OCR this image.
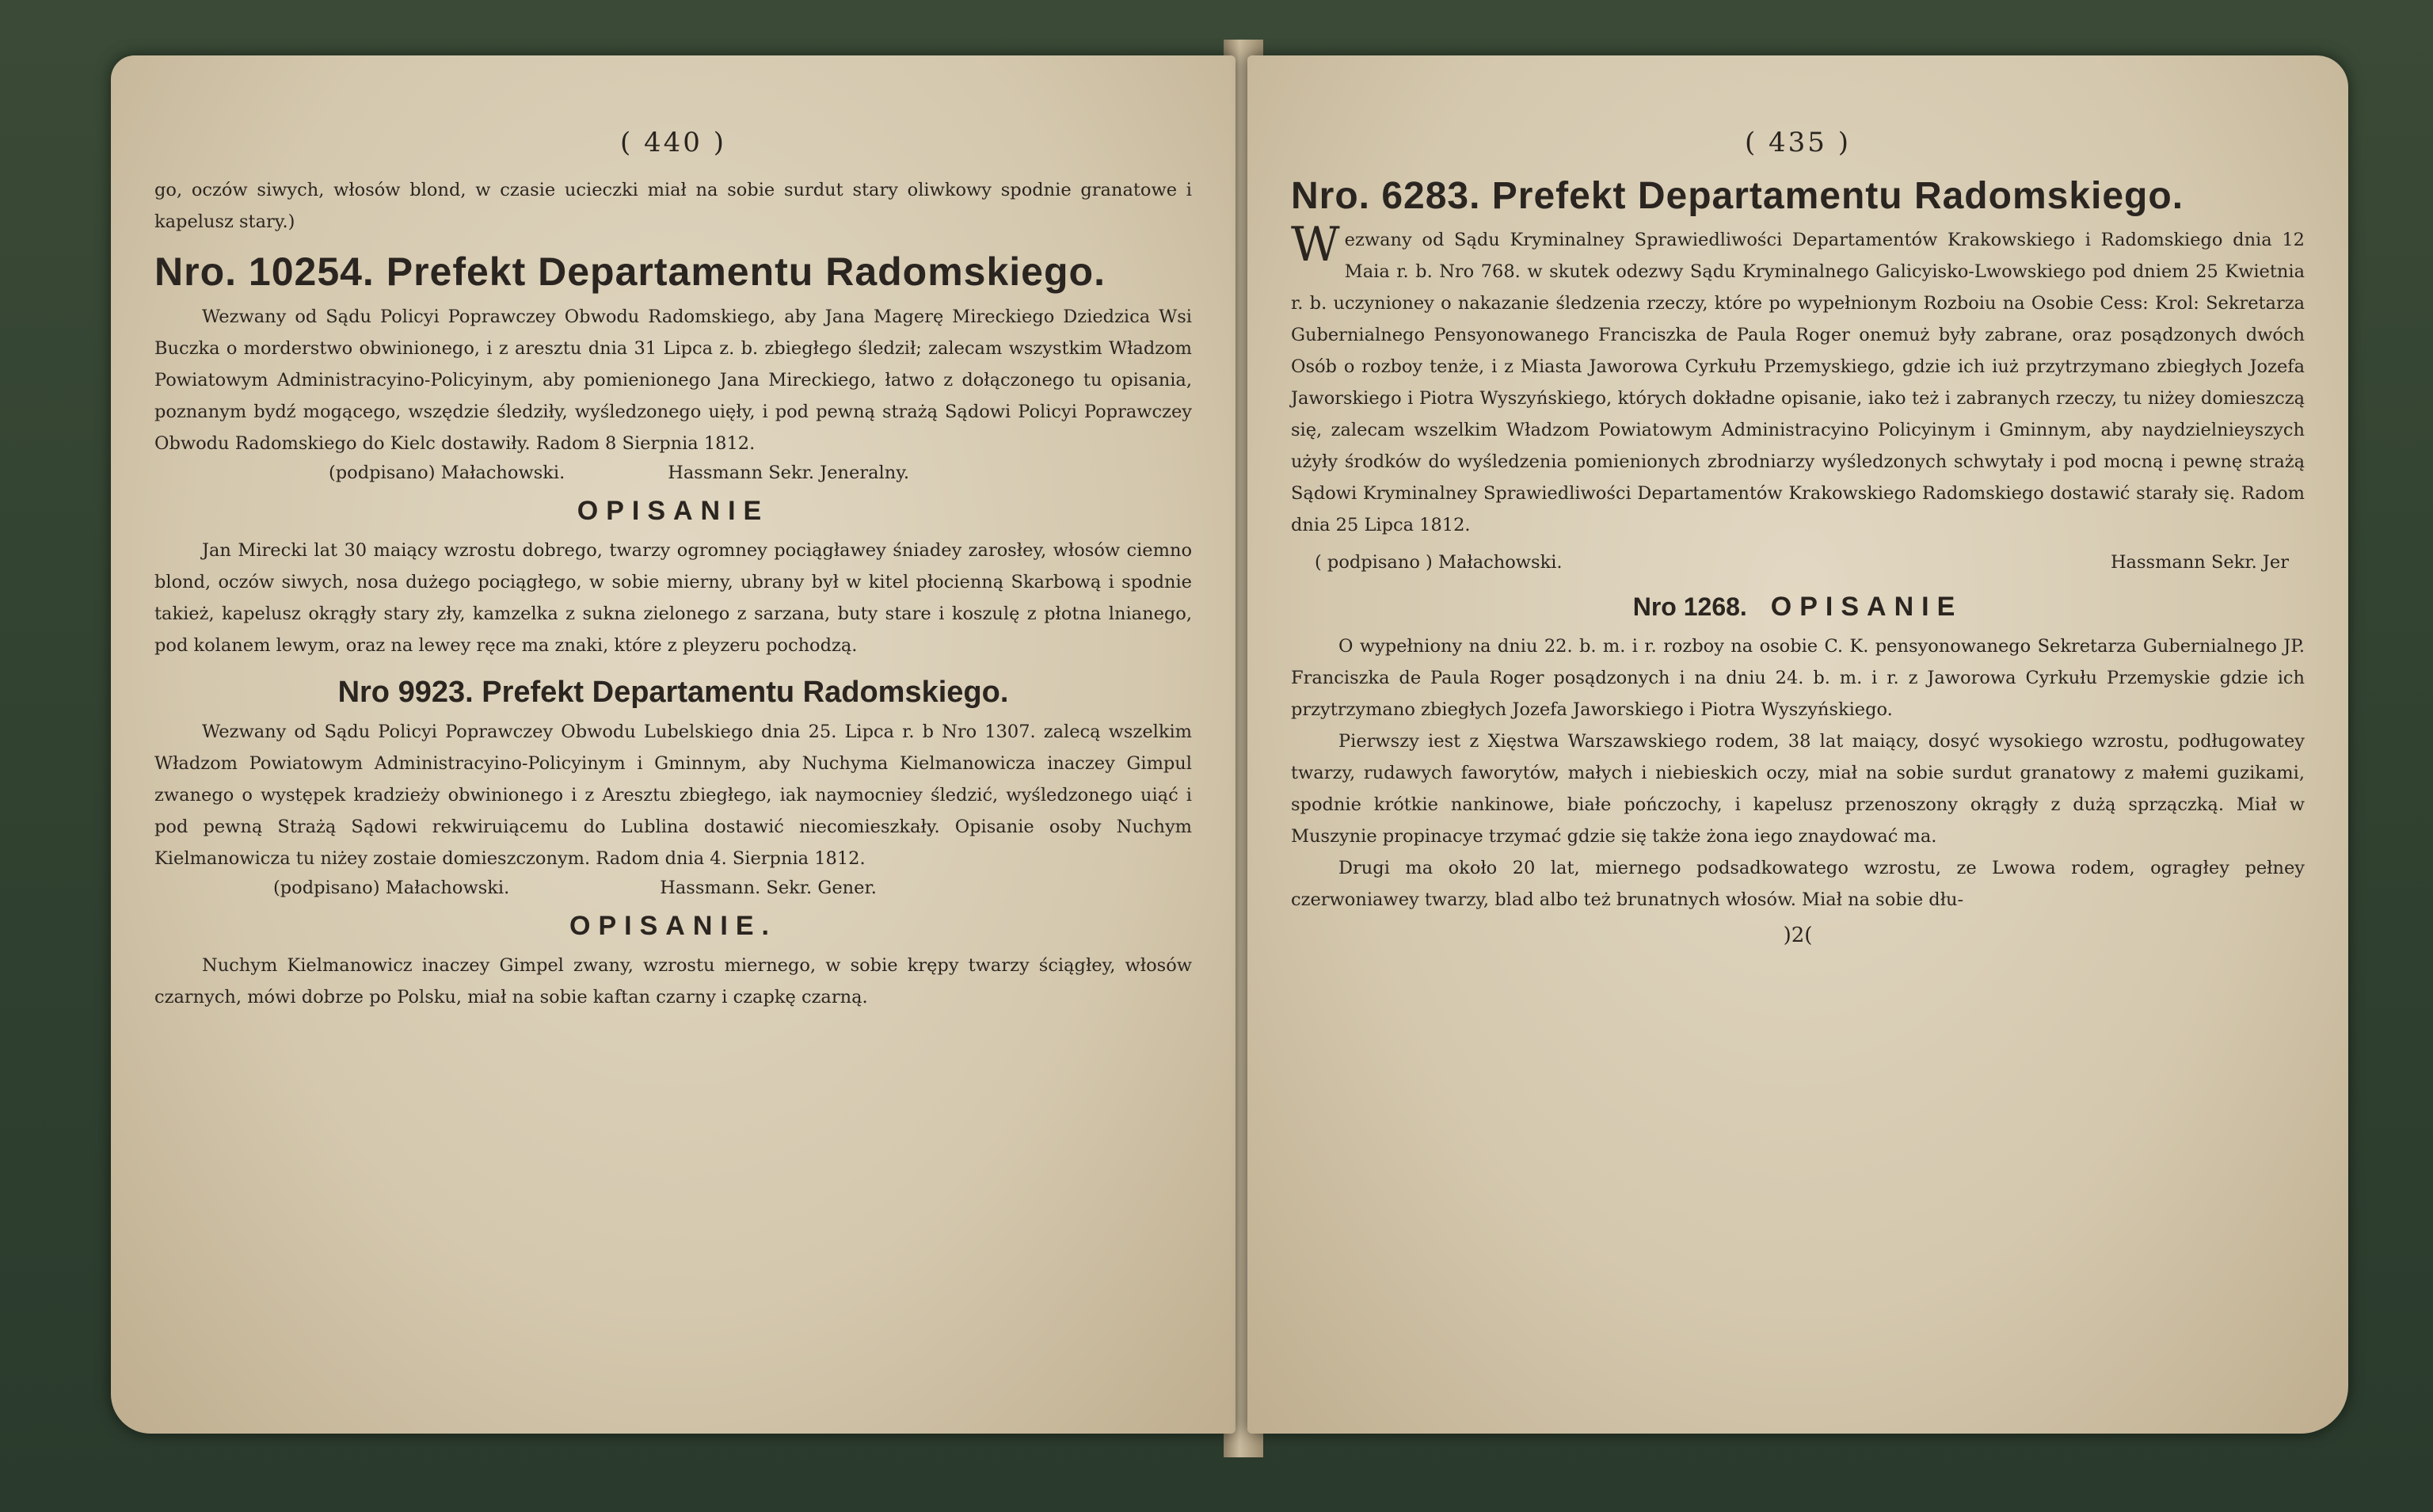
( 440 )

go, oczów siwych, włosów blond, w czasie ucieczki miał na sobie surdut stary oliwkowy spodnie granatowe i kapelusz stary.)

Nro. 10254. Prefekt Departamentu Radomskiego.

Wezwany od Sądu Policyi Poprawczey Obwodu Radomskiego, aby Jana Magerę Mireckiego Dziedzica Wsi Buczka o morderstwo obwinionego, i z aresztu dnia 31 Lipca z. b. zbiegłego śledził; zalecam wszystkim Władzom Powiatowym Administracyino-Policyinym, aby pomienionego Jana Mireckiego, łatwo z dołączonego tu opisania, poznanym bydź mogącego, wszędzie śledziły, wyśledzonego uięły, i pod pewną strażą Sądowi Policyi Poprawczey Obwodu Radomskiego do Kielc dostawiły. Radom 8 Sierpnia 1812.

(podpisano) Małachowski.	Hassmann Sekr. Jeneralny.
OPISANIE

Jan Mirecki lat 30 maiący wzrostu dobrego, twarzy ogromney pociągławey śniadey zarosłey, włosów ciemno blond, oczów siwych, nosa dużego pociągłego, w sobie mierny, ubrany był w kitel płocienną Skarbową i spodnie takież, kapelusz okrągły stary zły, kamzelka z sukna zielonego z sarzana, buty stare i koszulę z płotna lnianego, pod kolanem lewym, oraz na lewey ręce ma znaki, które z pleyzeru pochodzą.

Nro 9923. Prefekt Departamentu Radomskiego.

Wezwany od Sądu Policyi Poprawczey Obwodu Lubelskiego dnia 25. Lipca r. b Nro 1307. zalecą wszelkim Władzom Powiatowym Administracyino-Policyinym i Gminnym, aby Nuchyma Kielmanowicza inaczey Gimpul zwanego o występek kradzieży obwinionego i z Aresztu zbiegłego, iak naymocniey śledzić, wyśledzonego uiąć i pod pewną Strażą Sądowi rekwiruiącemu do Lublina dostawić niecomieszkały. Opisanie osoby Nuchym Kielmanowicza tu niżey zostaie domieszczonym. Radom dnia 4. Sierpnia 1812.

(podpisano) Małachowski.	Hassmann. Sekr. Gener.
OPISANIE.

Nuchym Kielmanowicz inaczey Gimpel zwany, wzrostu miernego, w sobie krępy twarzy ściągłey, włosów czarnych, mówi dobrze po Polsku, miał na sobie kaftan czarny i czapkę czarną.

( 435 )
Nro. 6283. Prefekt Departamentu Radomskiego.

Wezwany od Sądu Kryminalney Sprawiedliwości Departamentów Krakowskiego i Radomskiego dnia 12 Maia r. b. Nro 768. w skutek odezwy Sądu Kryminalnego Galicyisko-Lwowskiego pod dniem 25 Kwietnia r. b. uczynioney o nakazanie śledzenia rzeczy, które po wypełnionym Rozboiu na Osobie Cess: Krol: Sekretarza Gubernialnego Pensyonowanego Franciszka de Paula Roger onemuż były zabrane, oraz posądzonych dwóch Osób o rozboy tenże, i z Miasta Jaworowa Cyrkułu Przemyskiego, gdzie ich iuż przytrzymano zbiegłych Jozefa Jaworskiego i Piotra Wyszyńskiego, których dokładne opisanie, iako też i zabranych rzeczy, tu niżey domieszczą się, zalecam wszelkim Władzom Powiatowym Administracyino Policyinym i Gminnym, aby naydzielnieyszych użyły środków do wyśledzenia pomienionych zbrodniarzy wyśledzonych schwytały i pod mocną i pewnę strażą Sądowi Kryminalney Sprawiedliwości Departamentów Krakowskiego Radomskiego dostawić starały się. Radom dnia 25 Lipca 1812.

( podpisano ) Małachowski.	Hassmann Sekr. Jer
Nro 1268. OPISANIE

O wypełniony na dniu 22. b. m. i r. rozboy na osobie C. K. pensyonowanego Sekretarza Gubernialnego JP. Franciszka de Paula Roger posądzonych i na dniu 24. b. m. i r. z Jaworowa Cyrkułu Przemyskie gdzie ich przytrzymano zbiegłych Jozefa Jaworskiego i Piotra Wyszyńskiego.

Pierwszy iest z Xięstwa Warszawskiego rodem, 38 lat maiący, dosyć wysokiego wzrostu, podługowatey twarzy, rudawych faworytów, małych i niebieskich oczy, miał na sobie surdut granatowy z małemi guzikami, spodnie krótkie nankinowe, białe pończochy, i kapelusz przenoszony okrągły z dużą sprzączką. Miał w Muszynie propinacye trzymać gdzie się także żona iego znaydować ma.

Drugi ma około 20 lat, miernego podsadkowatego wzrostu, ze Lwowa rodem, ogragłey pełney czerwoniawey twarzy, blad albo też brunatnych włosów. Miał na sobie dłu-

)2(
